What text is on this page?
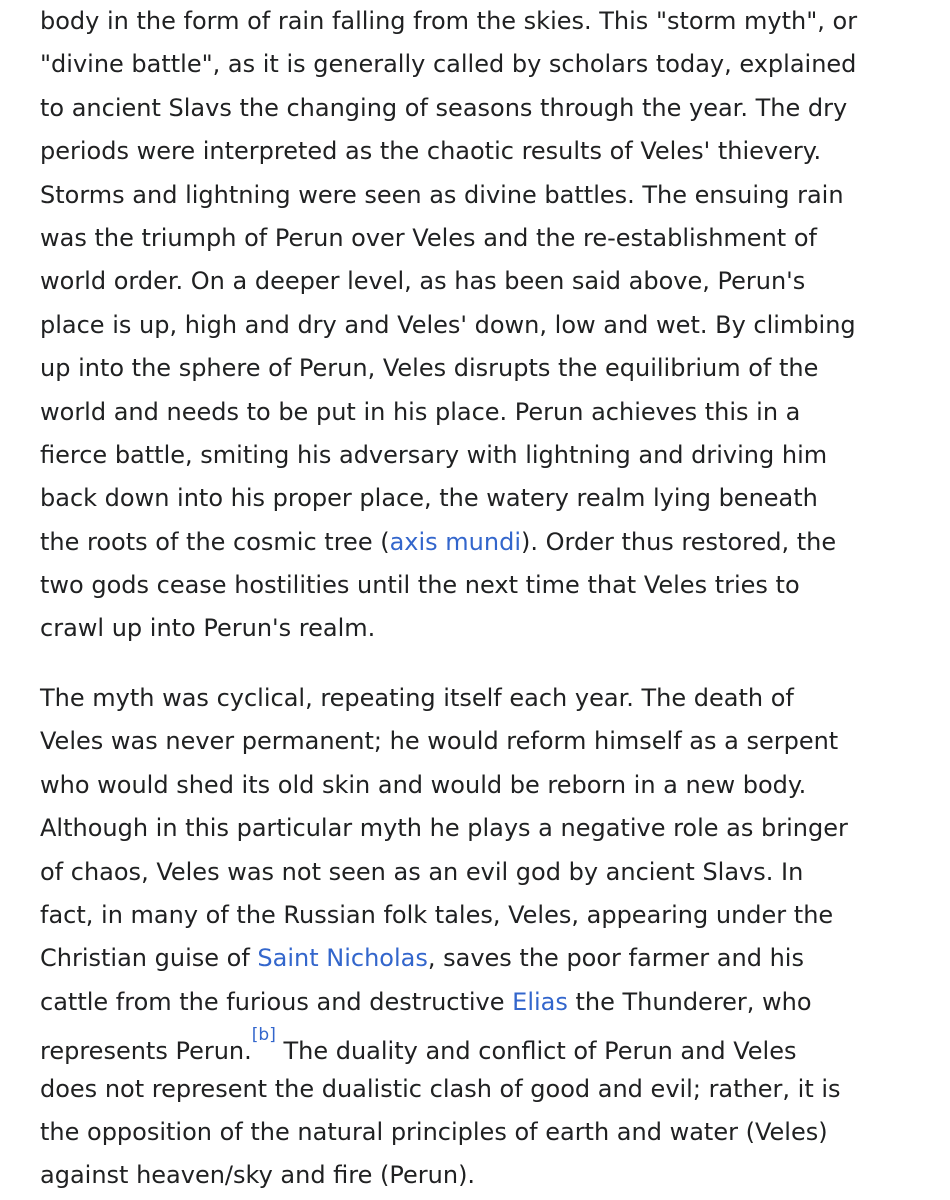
body in the form of rain falling from the skies. This "storm myth", or
"divine battle", as it is generally called by scholars today, explained
to ancient Slavs the changing of seasons through the year. The dry
periods were interpreted as the chaotic results of Veles' thievery.
Storms and lightning were seen as divine battles. The ensuing rain
was the triumph of Perun over Veles and the re-establishment of
world order. On a deeper level, as has been said above, Perun's
place is up, high and dry and Veles' down, low and wet. By climbing
up into the sphere of Perun, Veles disrupts the equilibrium of the
world and needs to be put in his place. Perun achieves this in a
fierce battle, smiting his adversary with lightning and driving him
back down into his proper place, the watery realm lying beneath
the roots of the cosmic tree (axis mundi). Order thus restored, the
two gods cease hostilities until the next time that Veles tries to
crawl up into Perun's realm.
The myth was cyclical, repeating itself each year. The death of
Veles was never permanent; he would reform himself as a serpent
who would shed its old skin and would be reborn in a new body.
Although in this particular myth he plays a negative role as bringer
of chaos, Veles was not seen as an evil god by ancient Slavs. In
fact, in many of the Russian folk tales, Veles, appearing under the
Christian guise of Saint Nicholas, saves the poor farmer and his
cattle from the furious and destructive Elias the Thunderer, who
represents Perun.[b] The duality and conflict of Perun and Veles
does not represent the dualistic clash of good and evil; rather, it is
the opposition of the natural principles of earth and water (Veles)
against heaven/sky and fire (Perun).
